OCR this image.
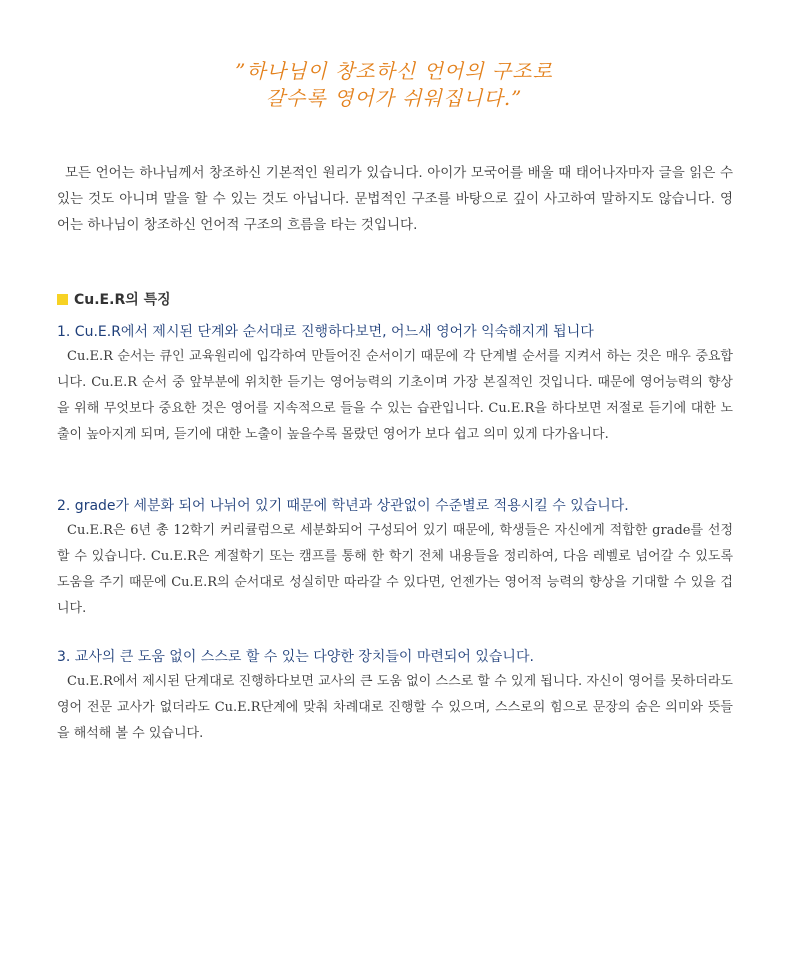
”하나님이 창조하신 언어의 구조로
갈수록 영어가 쉬워집니다.”

모든 언어는 하나님께서 창조하신 기본적인 원리가 있습니다. 아이가 모국어를 배울 때 태어나자마자 글을 읽은 수 있는 것도 아니며 말을 할 수 있는 것도 아닙니다. 문법적인 구조를 바탕으로 깊이 사고하여 말하지도 않습니다. 영어는 하나님이 창조하신 언어적 구조의 흐름을 타는 것입니다.

Cu.E.R의 특징
1. Cu.E.R에서 제시된 단계와 순서대로 진행하다보면, 어느새 영어가 익숙해지게 됩니다

Cu.E.R 순서는 큐인 교육원리에 입각하여 만들어진 순서이기 때문에 각 단계별 순서를 지켜서 하는 것은 매우 중요합니다. Cu.E.R 순서 중 앞부분에 위치한 듣기는 영어능력의 기초이며 가장 본질적인 것입니다. 때문에 영어능력의 향상을 위해 무엇보다 중요한 것은 영어를 지속적으로 들을 수 있는 습관입니다. Cu.E.R을 하다보면 저절로 듣기에 대한 노출이 높아지게 되며, 듣기에 대한 노출이 높을수록 몰랐던 영어가 보다 쉽고 의미 있게 다가옵니다.

2. grade가 세분화 되어 나뉘어 있기 때문에 학년과 상관없이 수준별로 적용시킬 수 있습니다.

Cu.E.R은 6년 총 12학기 커리큘럼으로 세분화되어 구성되어 있기 때문에, 학생들은 자신에게 적합한 grade를 선정할 수 있습니다. Cu.E.R은 계절학기 또는 캠프를 통해 한 학기 전체 내용들을 정리하여, 다음 레벨로 넘어갈 수 있도록 도움을 주기 때문에 Cu.E.R의 순서대로 성실히만 따라갈 수 있다면, 언젠가는 영어적 능력의 향상을 기대할 수 있을 겁니다.

3. 교사의 큰 도움 없이 스스로 할 수 있는 다양한 장치들이 마련되어 있습니다.

Cu.E.R에서 제시된 단계대로 진행하다보면 교사의 큰 도움 없이 스스로 할 수 있게 됩니다. 자신이 영어를 못하더라도 영어 전문 교사가 없더라도 Cu.E.R단계에 맞춰 차례대로 진행할 수 있으며, 스스로의 힘으로 문장의 숨은 의미와 뜻들을 해석해 볼 수 있습니다.
